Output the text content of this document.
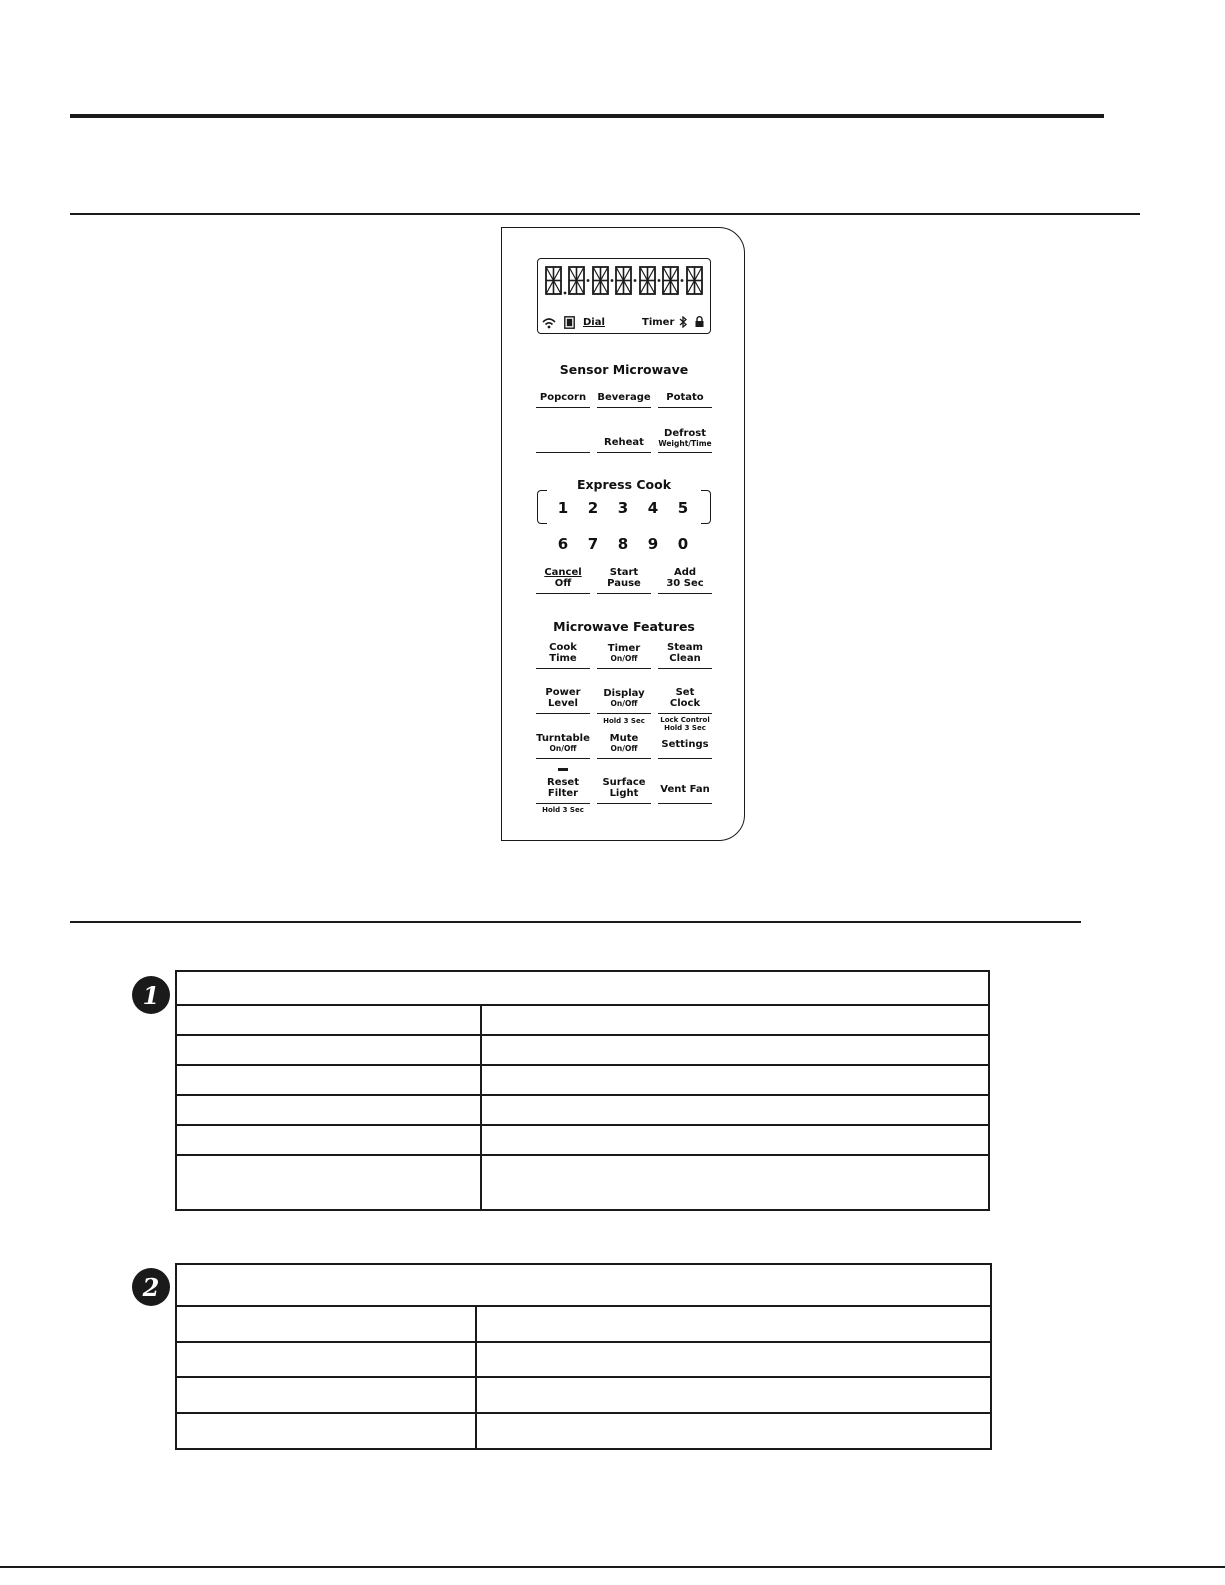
Dial	Timer
Sensor Microwave
Popcorn Beverage Potato
Reheat
Defrost
Weight/Time
Express Cook
1	2	3	4	5
6	7	8	9	0
Cancel
Off
Start
Pause
Add
30 Sec
Microwave Features
Cook
Time
Timer
On/Off
Steam
Clean
Power
Level
Display
On/Off
Set
Clock
Hold 3 Sec	Lock Control
Hold 3 Sec
Turntable
On/Off
Mute
On/Off Settings
Reset
Filter
Hold 3 Sec
Surface
Light Vent Fan
1

2
